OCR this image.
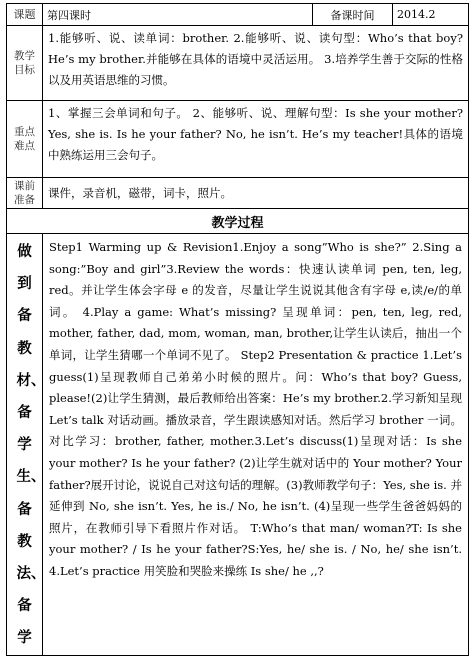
课题	第四课时	备课时间	2014.2
教学目标	1.能够听、说、读单词：brother. 2.能够听、说、读句型：Who’s that boy? He’s my brother.并能够在具体的语境中灵活运用。 3.培养学生善于交际的性格以及用英语思维的习惯。		
重点难点	1、掌握三会单词和句子。 2、能够听、说、理解句型：Is she your mother? Yes, she is. Is he your father? No, he isn’t. He’s my teacher!具体的语境中熟练运用三会句子。		
课前准备	课件，录音机，磁带，词卡，照片。		
教学过程			

做到备教材、备学生、备教法、备学	Step1 Warming up & Revision1.Enjoy a song”Who is she?” 2.Sing a song:”Boy and girl”3.Review the words：快速认读单词 pen, ten, leg, red。并让学生体会字母 e 的发音，尽量让学生说说其他含有字母 e,读/e/的单词。 4.Play a game: What’s missing? 呈现单词：pen, ten, leg, red, mother, father, dad, mom, woman, man, brother,让学生认读后，抽出一个单词，让学生猜哪一个单词不见了。 Step2 Presentation & practice 1.Let’s guess(1)呈现教师自己弟弟小时候的照片。问：Who’s that boy? Guess, please!(2)让学生猜测，最后教师给出答案：He’s my brother.2.学习新知呈现 Let’s talk 对话动画。播放录音，学生跟读感知对话。然后学习 brother 一词。对比学习：brother, father, mother.3.Let’s discuss(1)呈现对话：Is she your mother? Is he your father? (2)让学生就对话中的 Your mother? Your father?展开讨论，说说自己对这句话的理解。(3)教师教学句子：Yes, she is. 并延伸到 No, she isn’t. Yes, he is./ No, he isn’t. (4)呈现一些学生爸爸妈妈的照片，在教师引导下看照片作对话。 T:Who’s that man/ woman?T: Is she your mother? / Is he your father?S:Yes, he/ she is. / No, he/ she isn’t. 4.Let’s practice 用笑脸和哭脸来操练 Is she/ he ,,?		
